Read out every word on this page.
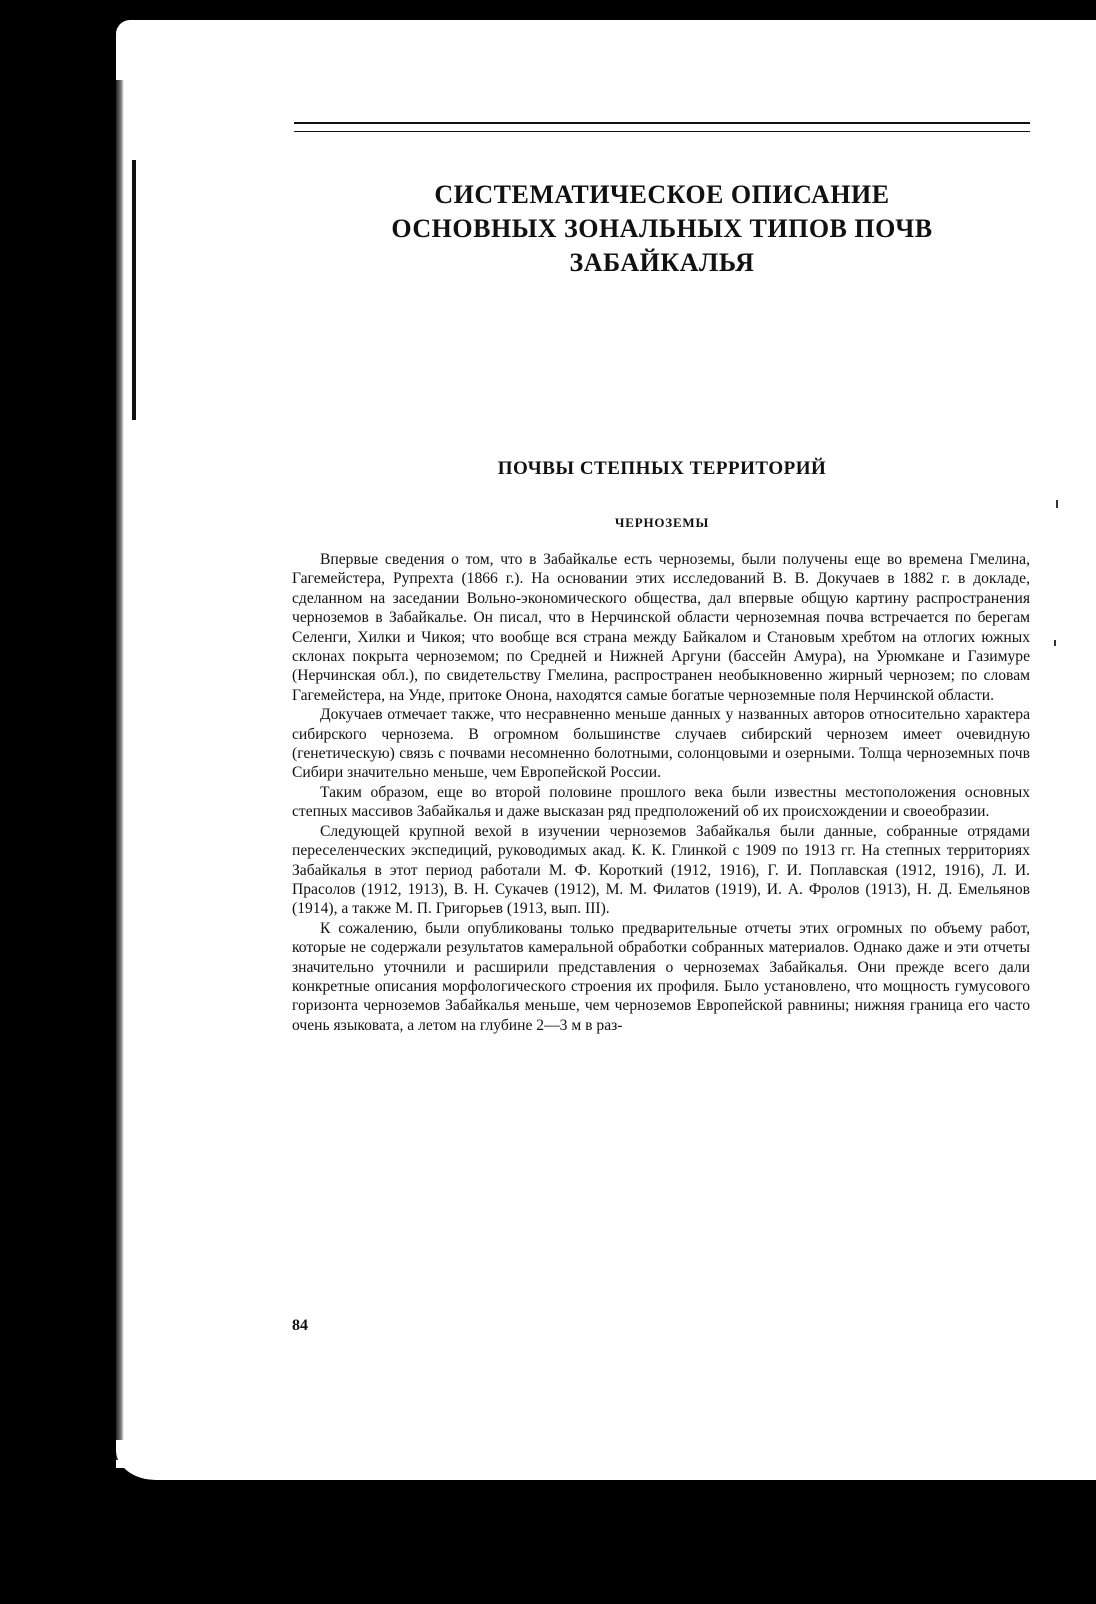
СИСТЕМАТИЧЕСКОЕ ОПИСАНИЕ
ОСНОВНЫХ ЗОНАЛЬНЫХ ТИПОВ ПОЧВ
ЗАБАЙКАЛЬЯ
ПОЧВЫ СТЕПНЫХ ТЕРРИТОРИЙ
ЧЕРНОЗЕМЫ

Впервые сведения о том, что в Забайкалье есть черноземы, были получены еще во времена Гмелина, Гагемейстера, Рупрехта (1866 г.). На основании этих исследований В. В. Докучаев в 1882 г. в докладе, сделанном на заседании Вольно-экономического общества, дал впервые общую картину распространения черноземов в Забайкалье. Он писал, что в Нерчинской области черноземная почва встречается по берегам Селенги, Хилки и Чикоя; что вообще вся страна между Байкалом и Становым хребтом на отлогих южных склонах покрыта черноземом; по Средней и Нижней Аргуни (бассейн Амура), на Урюмкане и Газимуре (Нерчинская обл.), по свидетельству Гмелина, распространен необыкновенно жирный чернозем; по словам Гагемейстера, на Унде, притоке Онона, находятся самые богатые черноземные поля Нерчинской области.

Докучаев отмечает также, что несравненно меньше данных у названных авторов относительно характера сибирского чернозема. В огромном большинстве случаев сибирский чернозем имеет очевидную (генетическую) связь с почвами несомненно болотными, солонцовыми и озерными. Толща черноземных почв Сибири значительно меньше, чем Европейской России.

Таким образом, еще во второй половине прошлого века были известны местоположения основных степных массивов Забайкалья и даже высказан ряд предположений об их происхождении и своеобразии.

Следующей крупной вехой в изучении черноземов Забайкалья были данные, собранные отрядами переселенческих экспедиций, руководимых акад. К. К. Глинкой с 1909 по 1913 гг. На степных территориях Забайкалья в этот период работали М. Ф. Короткий (1912, 1916), Г. И. Поплавская (1912, 1916), Л. И. Прасолов (1912, 1913), В. Н. Сукачев (1912), М. М. Филатов (1919), И. А. Фролов (1913), Н. Д. Емельянов (1914), а также М. П. Григорьев (1913, вып. III).

К сожалению, были опубликованы только предварительные отчеты этих огромных по объему работ, которые не содержали результатов камеральной обработки собранных материалов. Однако даже и эти отчеты значительно уточнили и расширили представления о черноземах Забайкалья. Они прежде всего дали конкретные описания морфологического строения их профиля. Было установлено, что мощность гумусового горизонта черноземов Забайкалья меньше, чем черноземов Европейской равнины; нижняя граница его часто очень языковата, а летом на глубине 2—3 м в раз-

84
